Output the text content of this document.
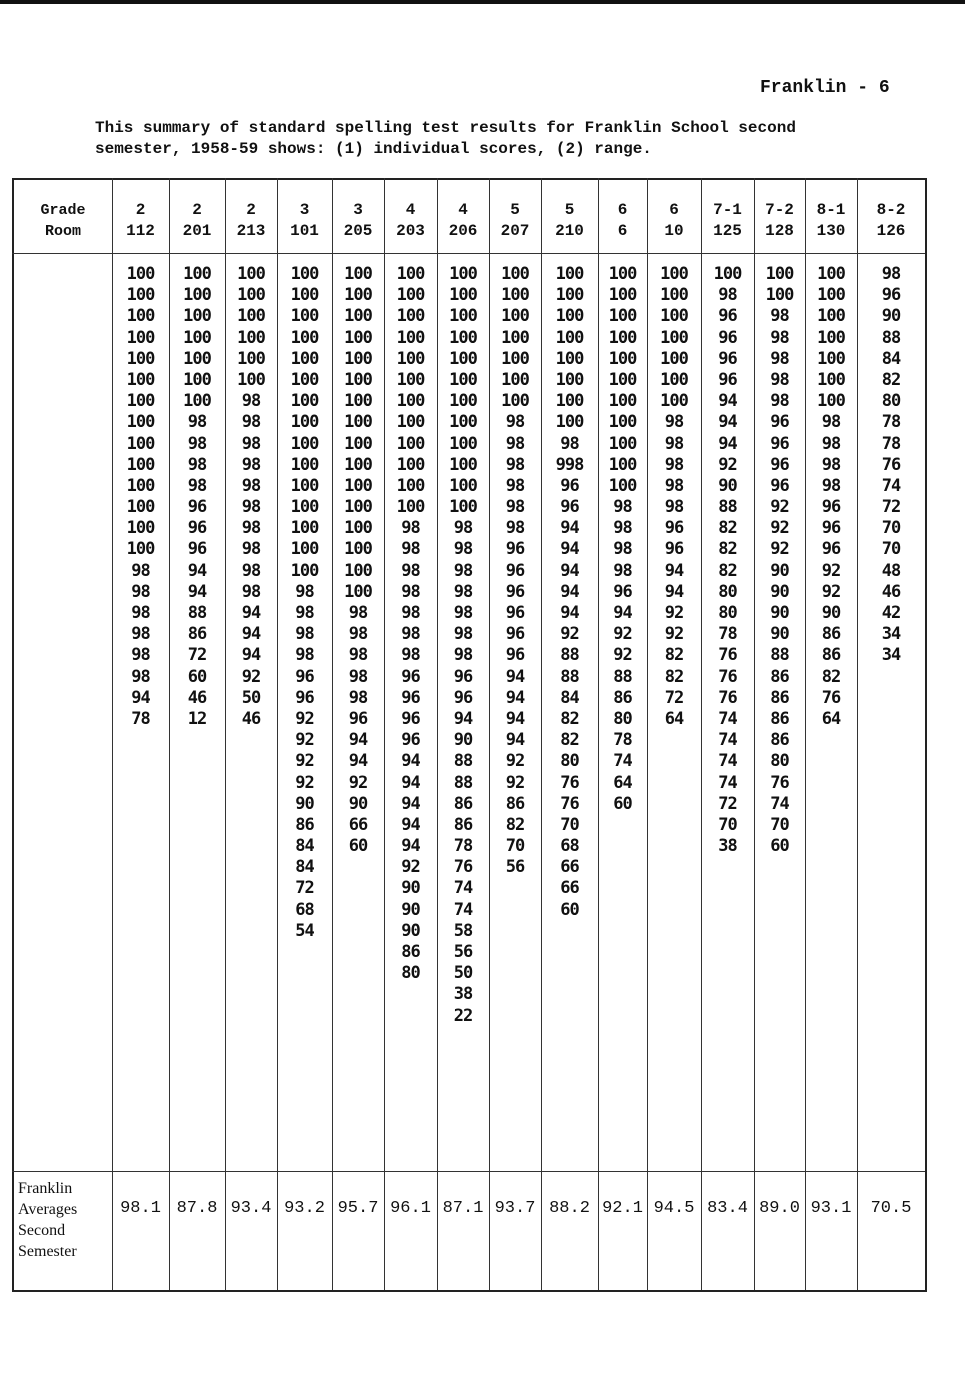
Franklin - 6
This summary of standard spelling test results for Franklin School second
semester, 1958-59 shows: (1) individual scores, (2) range.
Grade
Room
Franklin
Averages
Second
Semester
2
112
100
100
100
100
100
100
100
100
100
100
100
100
100
100
98
98
98
98
98
98
94
78
98.1
2
201
100
100
100
100
100
100
100
98
98
98
98
96
96
96
94
94
88
86
72
60
46
12
87.8
2
213
100
100
100
100
100
100
98
98
98
98
98
98
98
98
98
98
94
94
94
92
50
46
93.4
3
101
100
100
100
100
100
100
100
100
100
100
100
100
100
100
100
98
98
98
98
96
96
92
92
92
92
90
86
84
84
72
68
54
93.2
3
205
100
100
100
100
100
100
100
100
100
100
100
100
100
100
100
100
98
98
98
98
98
96
94
94
92
90
66
60
95.7
4
203
100
100
100
100
100
100
100
100
100
100
100
100
98
98
98
98
98
98
98
96
96
96
96
94
94
94
94
94
92
90
90
90
86
80
96.1
4
206
100
100
100
100
100
100
100
100
100
100
100
100
98
98
98
98
98
98
98
96
96
94
90
88
88
86
86
78
76
74
74
58
56
50
38
22
87.1
5
207
100
100
100
100
100
100
100
98
98
98
98
98
98
96
96
96
96
96
96
94
94
94
94
92
92
86
82
70
56
93.7
5
210
100
100
100
100
100
100
100
100
98
998
96
96
94
94
94
94
94
92
88
88
84
82
82
80
76
76
70
68
66
66
60
88.2
6
6
100
100
100
100
100
100
100
100
100
100
100
98
98
98
98
96
94
92
92
88
86
80
78
74
64
60
92.1
6
10
100
100
100
100
100
100
100
98
98
98
98
98
96
96
94
94
92
92
82
82
72
64
94.5
7-1
125
100
98
96
96
96
96
94
94
94
92
90
88
82
82
82
80
80
78
76
76
76
74
74
74
74
72
70
38
83.4
7-2
128
100
100
98
98
98
98
98
96
96
96
96
92
92
92
90
90
90
90
88
86
86
86
86
80
76
74
70
60
89.0
8-1
130
100
100
100
100
100
100
100
98
98
98
98
96
96
96
92
92
90
86
86
82
76
64
93.1
8-2
126
98
96
90
88
84
82
80
78
78
76
74
72
70
70
48
46
42
34
34
70.5
